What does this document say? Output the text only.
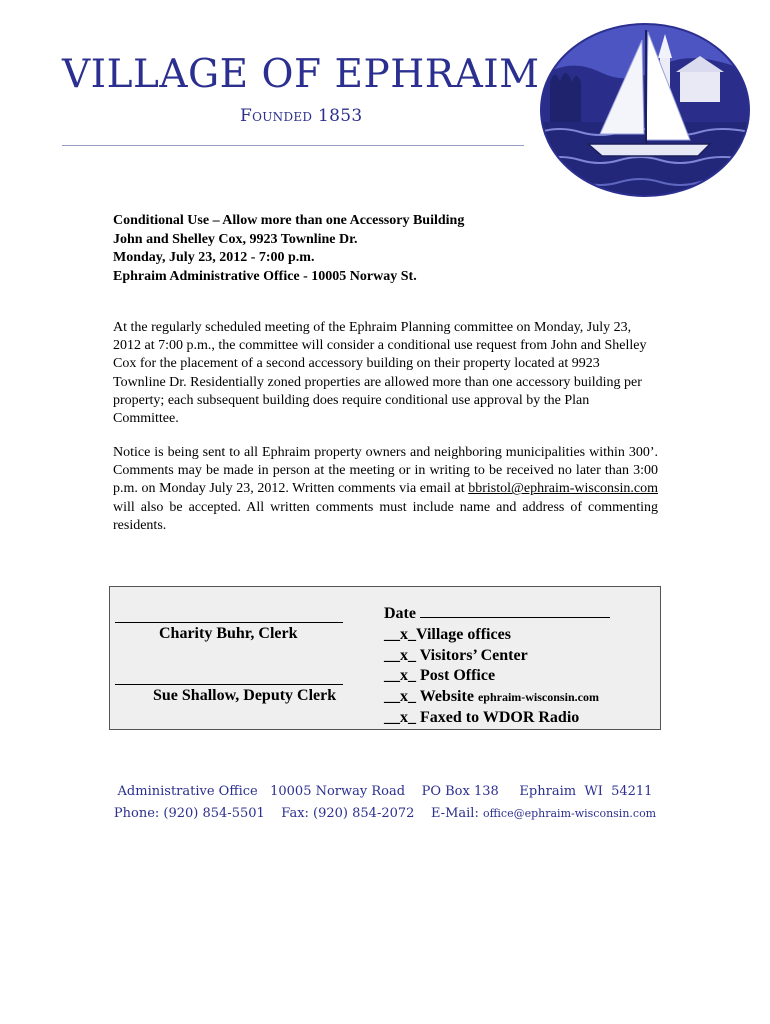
VILLAGE OF EPHRAIM
Founded 1853
Conditional Use – Allow more than one Accessory Building
John and Shelley Cox, 9923 Townline Dr.
Monday, July 23, 2012 - 7:00 p.m.
Ephraim Administrative Office - 10005 Norway St.
At the regularly scheduled meeting of the Ephraim Planning committee on Monday, July 23, 2012 at 7:00 p.m., the committee will consider a conditional use request from John and Shelley Cox for the placement of a second accessory building on their property located at 9923 Townline Dr. Residentially zoned properties are allowed more than one accessory building per property; each subsequent building does require conditional use approval by the Plan Committee.
Notice is being sent to all Ephraim property owners and neighboring municipalities within 300’. Comments may be made in person at the meeting or in writing to be received no later than 3:00 p.m. on Monday July 23, 2012. Written comments via email at bbristol@ephraim-wisconsin.com will also be accepted. All written comments must include name and address of commenting residents.
Charity Buhr, Clerk
Sue Shallow, Deputy Clerk
Date
__x_Village offices
__x_ Visitors’ Center
__x_ Post Office
__x_ Website ephraim-wisconsin.com
__x_ Faxed to WDOR Radio
Administrative Office   10005 Norway Road    PO Box 138     Ephraim  WI  54211
Phone: (920) 854-5501    Fax: (920) 854-2072    E-Mail: office@ephraim-wisconsin.com
